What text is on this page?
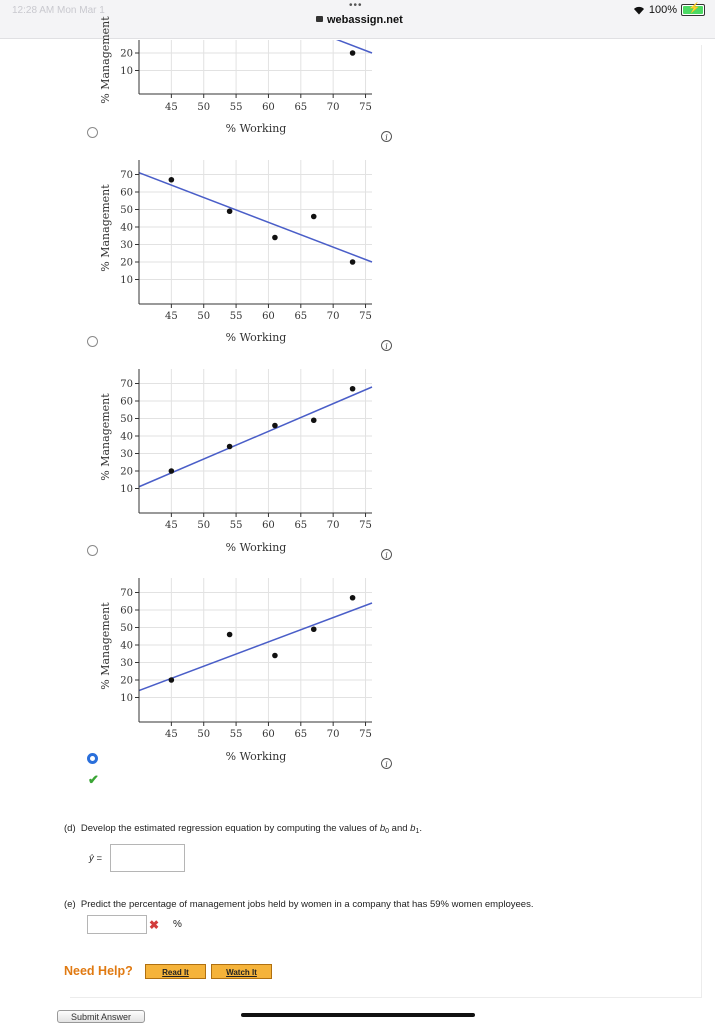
12:28 AM Mon Mar 1	•••
webassign.net
100% ⚡
10
20
45 50 55 60 65 70 75
% Working
% Management
10
20
30
40
50
60
70
45 50 55 60 65 70 75
% Working
% Management
10
20
30
40
50
60
70
45 50 55 60 65 70 75
% Working
% Management
10
20
30
40
50
60
70
45 50 55 60 65 70 75
% Working
% Management
✔
i
i
i
i
(d) Develop the estimated regression equation by computing the values of $b_0$ and $b_1$.
ŷ =
(e) Predict the percentage of management jobs held by women in a company that has 59% women employees.
✖ %
Need Help?	Read It	Watch It
Submit Answer
